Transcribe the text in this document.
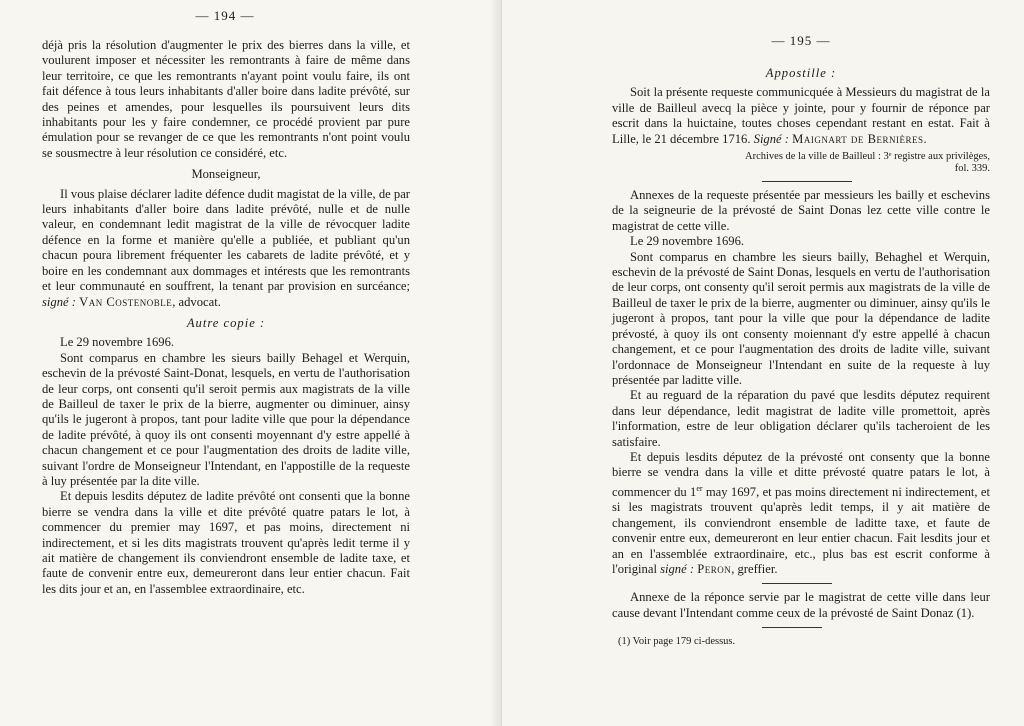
— 194 —

déjà pris la résolution d'augmenter le prix des bierres dans la ville, et voulurent imposer et nécessiter les remontrants à faire de même dans leur territoire, ce que les remontrants n'ayant point voulu faire, ils ont fait défence à tous leurs inhabitants d'aller boire dans ladite prévôté, sur des peines et amendes, pour lesquelles ils poursuivent leurs dits inhabitants pour les y faire condemner, ce procédé provient par pure émulation pour se revanger de ce que les remontrants n'ont point voulu se sousmectre à leur résolution ce considéré, etc.

Monseigneur,

Il vous plaise déclarer ladite défence dudit magistat de la ville, de par leurs inhabitants d'aller boire dans ladite prévôté, nulle et de nulle valeur, en condemnant ledit magistrat de la ville de révocquer ladite défence en la forme et manière qu'elle a publiée, et publiant qu'un chacun poura librement fréquenter les cabarets de ladite prévôté, et y boire en les condemnant aux dommages et intérests que les remontrants et leur communauté en souffrent, la tenant par provision en surcéance; signé : Van Costenoble, advocat.

Autre copie :

Le 29 novembre 1696.

Sont comparus en chambre les sieurs bailly Behagel et Werquin, eschevin de la prévosté Saint-Donat, lesquels, en vertu de l'authorisation de leur corps, ont consenti qu'il seroit permis aux magistrats de la ville de Bailleul de taxer le prix de la bierre, augmenter ou diminuer, ainsy qu'ils le jugeront à propos, tant pour ladite ville que pour la dépendance de ladite prévôté, à quoy ils ont consenti moyennant d'y estre appellé à chacun changement et ce pour l'augmentation des droits de ladite ville, suivant l'ordre de Monseigneur l'Intendant, en l'appostille de la requeste à luy présentée par la dite ville.

Et depuis lesdits députez de ladite prévôté ont consenti que la bonne bierre se vendra dans la ville et dite prévôté quatre patars le lot, à commencer du premier may 1697, et pas moins, directement ni indirectement, et si les dits magistrats trouvent qu'après ledit terme il y ait matière de changement ils conviendront ensemble de ladite taxe, et faute de convenir entre eux, demeureront dans leur entier chacun. Fait les dits jour et an, en l'assemblee extraordinaire, etc.

— 195 —

Appostille :

Soit la présente requeste communicquée à Messieurs du magistrat de la ville de Bailleul avecq la pièce y jointe, pour y fournir de réponce par escrit dans la huictaine, toutes choses cependant restant en estat. Fait à Lille, le 21 décembre 1716. Signé : Maignart de Bernières.

Archives de la ville de Bailleul : 3ᵉ registre aux privilèges, fol. 339.

Annexes de la requeste présentée par messieurs les bailly et eschevins de la seigneurie de la prévosté de Saint Donas lez cette ville contre le magistrat de cette ville.

Le 29 novembre 1696.

Sont comparus en chambre les sieurs bailly, Behaghel et Werquin, eschevin de la prévosté de Saint Donas, lesquels en vertu de l'authorisation de leur corps, ont consenty qu'il seroit permis aux magistrats de la ville de Bailleul de taxer le prix de la bierre, augmenter ou diminuer, ainsy qu'ils le jugeront à propos, tant pour la ville que pour la dépendance de ladite prévosté, à quoy ils ont consenty moiennant d'y estre appellé à chacun changement, et ce pour l'augmentation des droits de ladite ville, suivant l'ordonnace de Monseigneur l'Intendant en suite de la requeste à luy présentée par laditte ville.

Et au reguard de la réparation du pavé que lesdits députez requirent dans leur dépendance, ledit magistrat de ladite ville promettoit, après l'information, estre de leur obligation déclarer qu'ils tacheroient de les satisfaire.

Et depuis lesdits députez de la prévosté ont consenty que la bonne bierre se vendra dans la ville et ditte prévosté quatre patars le lot, à commencer du 1er may 1697, et pas moins directement ni indirectement, et si les magistrats trouvent qu'après ledit temps, il y ait matière de changement, ils conviendront ensemble de laditte taxe, et faute de convenir entre eux, demeureront en leur entier chacun. Fait lesdits jour et an en l'assemblée extraordinaire, etc., plus bas est escrit conforme à l'original signé : Peron, greffier.

Annexe de la réponce servie par le magistrat de cette ville dans leur cause devant l'Intendant comme ceux de la prévosté de Saint Donaz (1).

(1) Voir page 179 ci-dessus.
